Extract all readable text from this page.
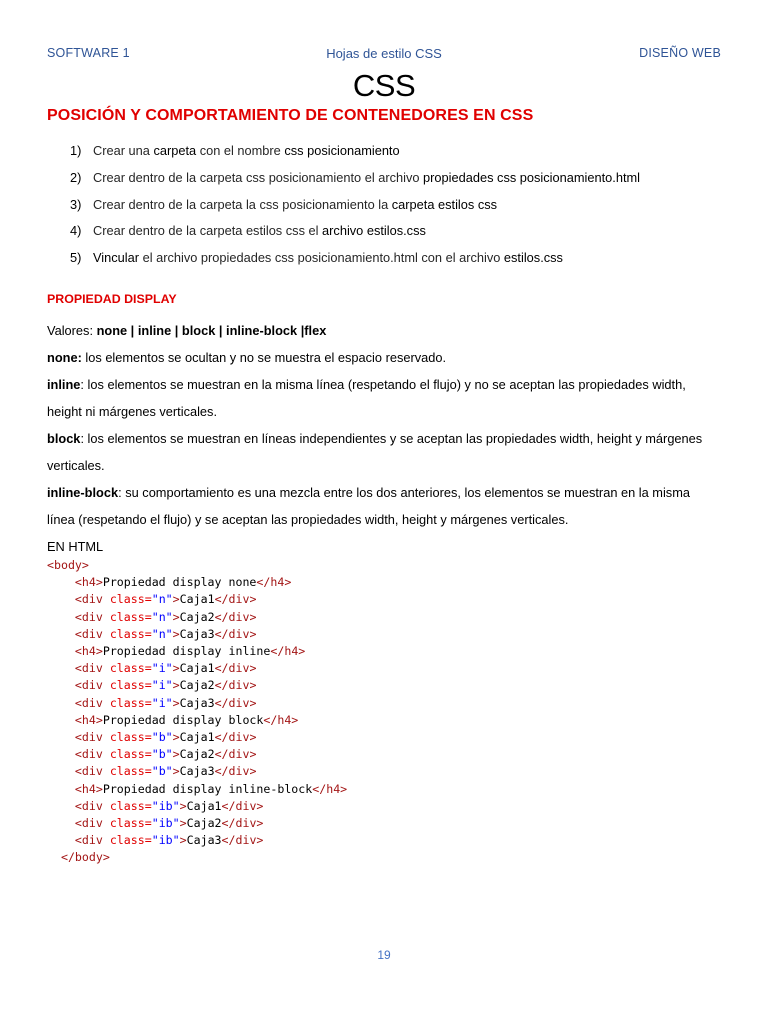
SOFTWARE 1	Hojas de estilo CSS	DISEÑO WEB
CSS
POSICIÓN Y COMPORTAMIENTO DE CONTENEDORES EN CSS
1) Crear una carpeta con el nombre css posicionamiento
2) Crear dentro de la carpeta css posicionamiento el archivo propiedades css posicionamiento.html
3) Crear dentro de la carpeta la css posicionamiento la carpeta estilos css
4) Crear dentro de la carpeta estilos css el archivo estilos.css
5) Vincular el archivo propiedades css posicionamiento.html con el archivo estilos.css
PROPIEDAD DISPLAY

Valores: none | inline | block | inline-block |flex

none: los elementos se ocultan y no se muestra el espacio reservado.

inline: los elementos se muestran en la misma línea (respetando el flujo) y no se aceptan las propiedades width, height ni márgenes verticales.

block: los elementos se muestran en líneas independientes y se aceptan las propiedades width, height y márgenes verticales.

inline-block: su comportamiento es una mezcla entre los dos anteriores, los elementos se muestran en la misma línea (respetando el flujo) y se aceptan las propiedades width, height y márgenes verticales.

EN HTML

<body>
<h4>Propiedad display none</h4>
<div class="n">Caja1</div>
<div class="n">Caja2</div>
<div class="n">Caja3</div>
<h4>Propiedad display inline</h4>
<div class="i">Caja1</div>
<div class="i">Caja2</div>
<div class="i">Caja3</div>
<h4>Propiedad display block</h4>
<div class="b">Caja1</div>
<div class="b">Caja2</div>
<div class="b">Caja3</div>
<h4>Propiedad display inline-block</h4>
<div class="ib">Caja1</div>
<div class="ib">Caja2</div>
<div class="ib">Caja3</div>
</body>
19
